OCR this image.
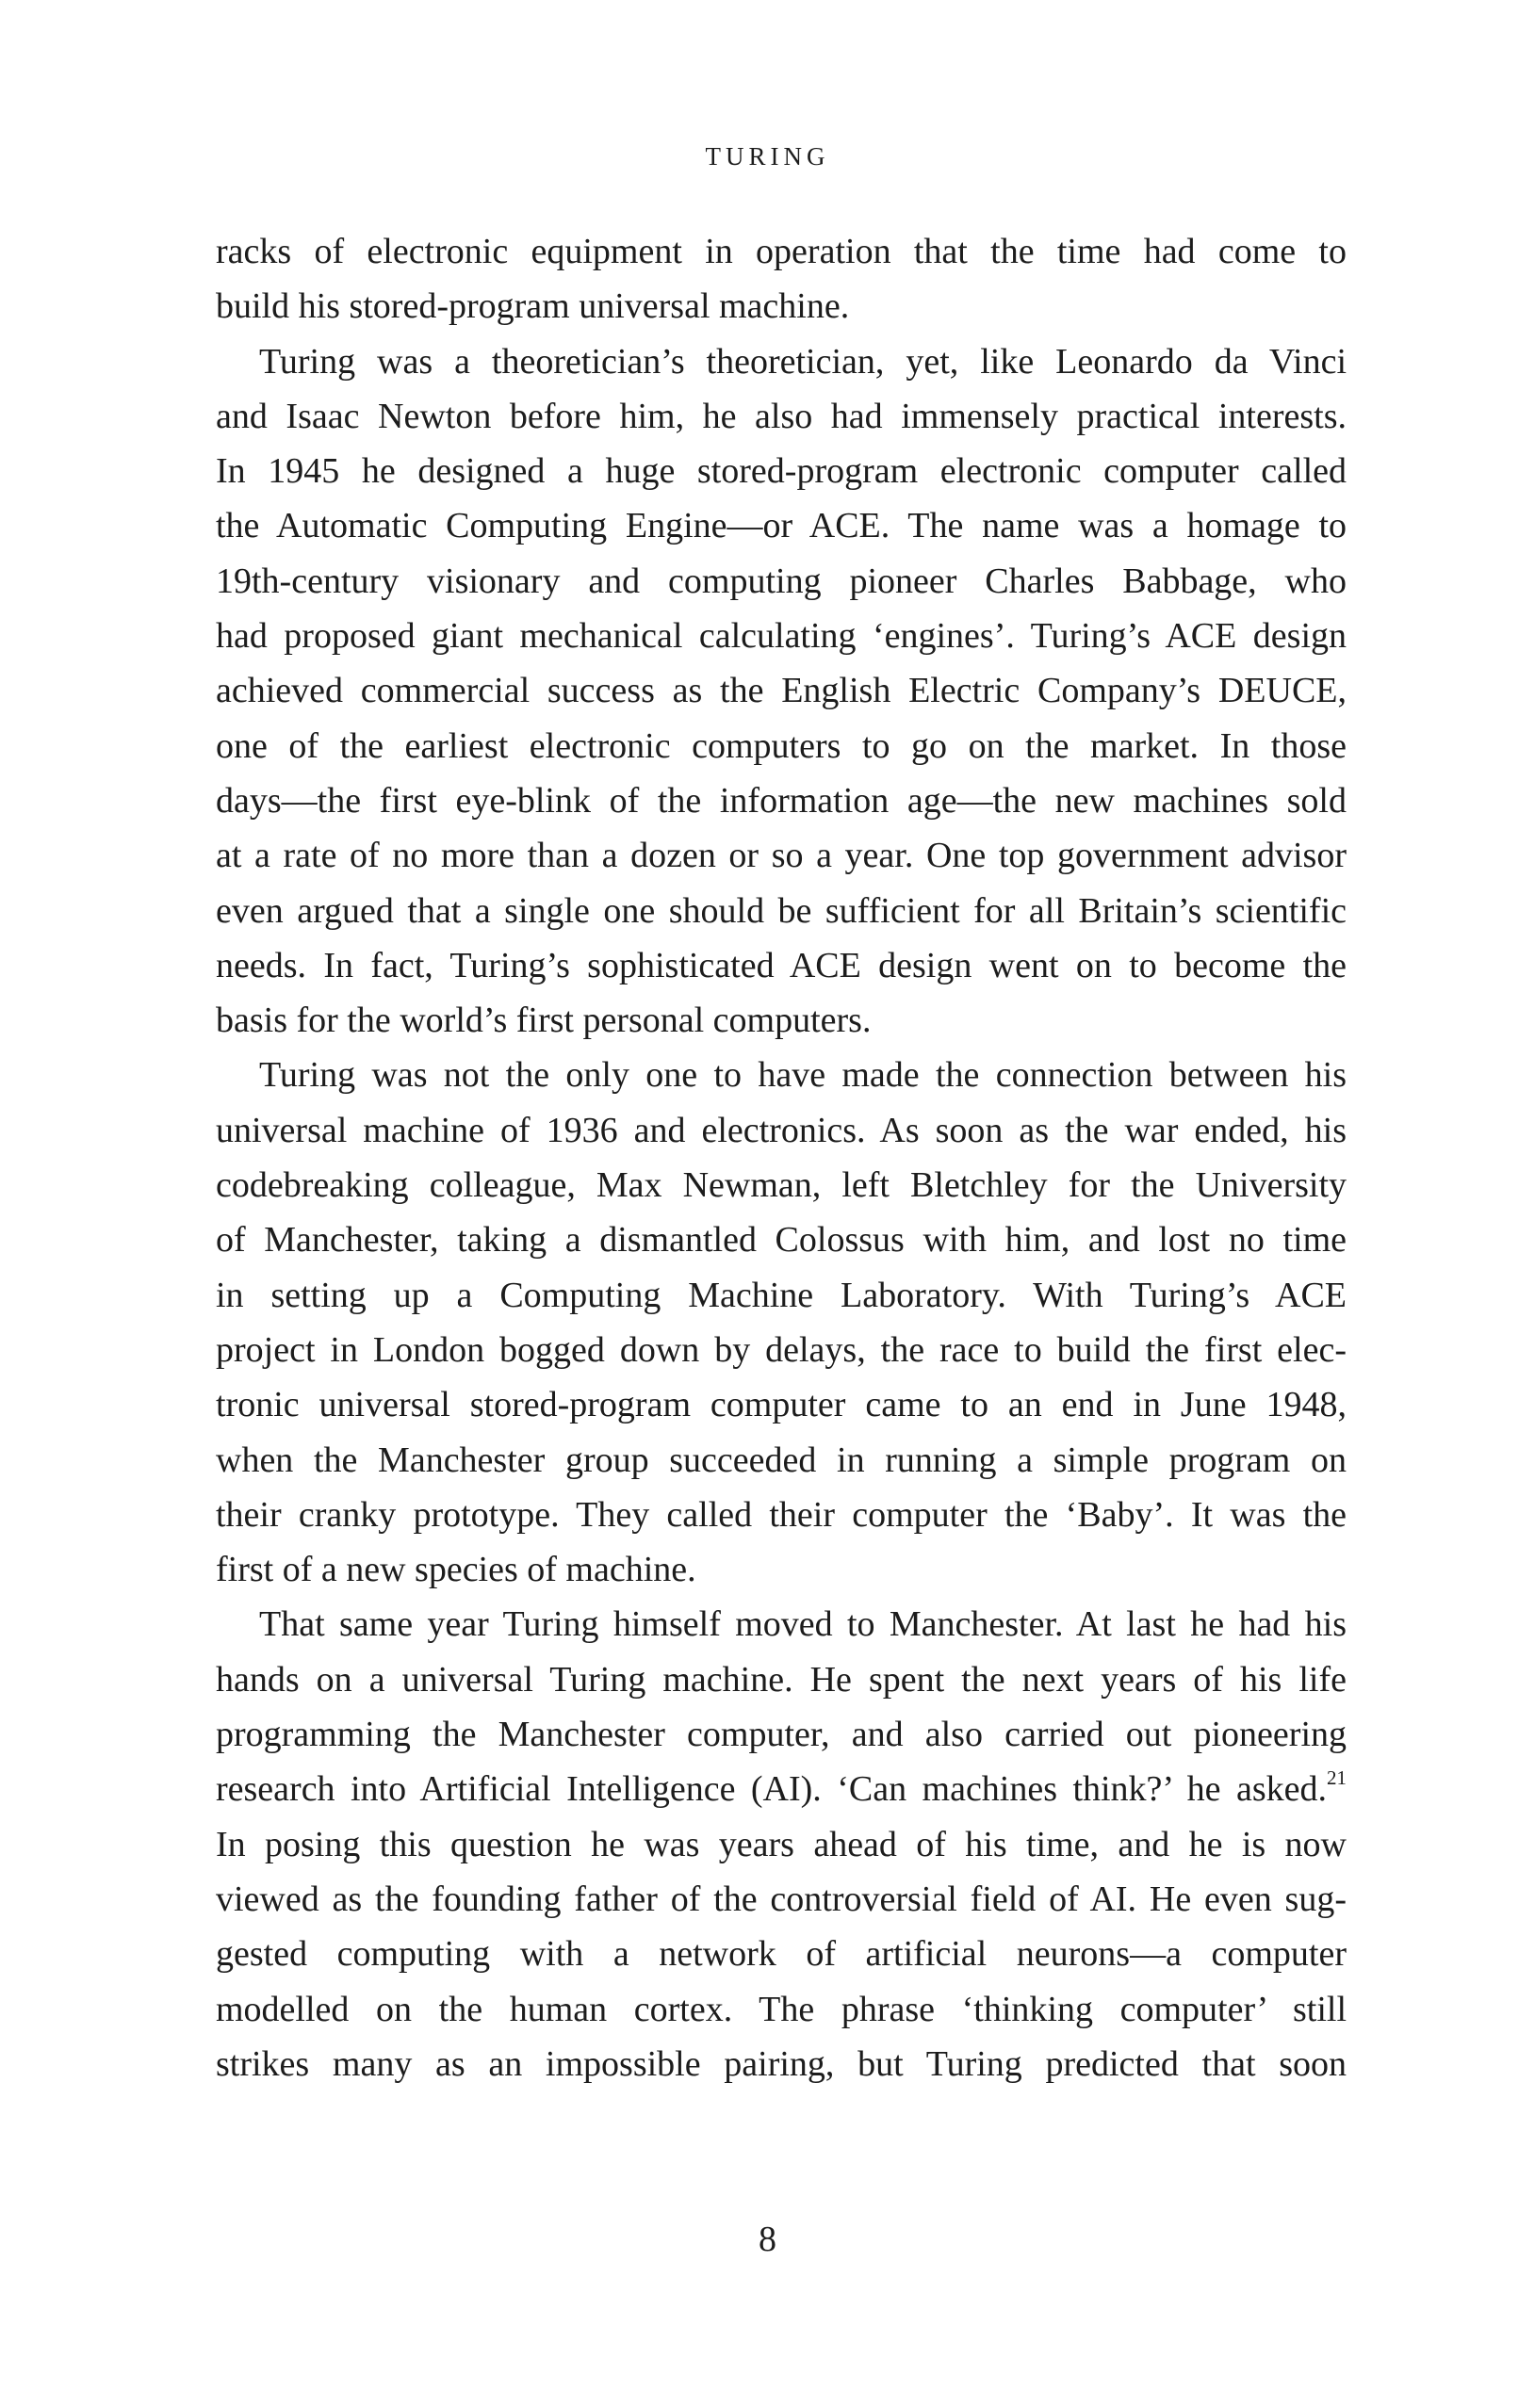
TURING
racks of electronic equipment in operation that the time had come to
build his stored-program universal machine.
Turing was a theoretician’s theoretician, yet, like Leonardo da Vinci
and Isaac Newton before him, he also had immensely practical interests.
In 1945 he designed a huge stored-program electronic computer called
the Automatic Computing Engine—or ACE. The name was a homage to
19th-century visionary and computing pioneer Charles Babbage, who
had proposed giant mechanical calculating ‘engines’. Turing’s ACE design
achieved commercial success as the English Electric Company’s DEUCE,
one of the earliest electronic computers to go on the market. In those
days—the first eye-blink of the information age—the new machines sold
at a rate of no more than a dozen or so a year. One top government advisor
even argued that a single one should be sufficient for all Britain’s scientific
needs. In fact, Turing’s sophisticated ACE design went on to become the
basis for the world’s first personal computers.
Turing was not the only one to have made the connection between his
universal machine of 1936 and electronics. As soon as the war ended, his
codebreaking colleague, Max Newman, left Bletchley for the University
of Manchester, taking a dismantled Colossus with him, and lost no time
in setting up a Computing Machine Laboratory. With Turing’s ACE
project in London bogged down by delays, the race to build the first elec-
tronic universal stored-program computer came to an end in June 1948,
when the Manchester group succeeded in running a simple program on
their cranky prototype. They called their computer the ‘Baby’. It was the
first of a new species of machine.
That same year Turing himself moved to Manchester. At last he had his
hands on a universal Turing machine. He spent the next years of his life
programming the Manchester computer, and also carried out pioneering
research into Artificial Intelligence (AI). ‘Can machines think?’ he asked.$^{21}$
In posing this question he was years ahead of his time, and he is now
viewed as the founding father of the controversial field of AI. He even sug-
gested computing with a network of artificial neurons—a computer
modelled on the human cortex. The phrase ‘thinking computer’ still
strikes many as an impossible pairing, but Turing predicted that soon
8
